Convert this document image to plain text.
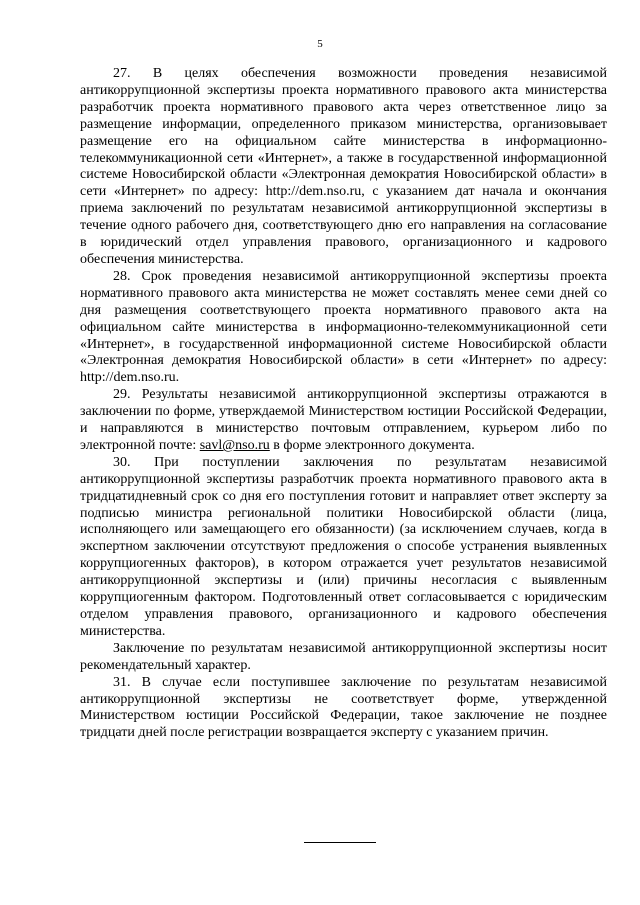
5

27. В целях обеспечения возможности проведения независимой антикоррупционной экспертизы проекта нормативного правового акта министерства разработчик проекта нормативного правового акта через ответственное лицо за размещение информации, определенного приказом министерства, организовывает размещение его на официальном сайте министерства в информационно-телекоммуникационной сети «Интернет», а также в государственной информационной системе Новосибирской области «Электронная демократия Новосибирской области» в сети «Интернет» по адресу: http://dem.nso.ru, с указанием дат начала и окончания приема заключений по результатам независимой антикоррупционной экспертизы в течение одного рабочего дня, соответствующего дню его направления на согласование в юридический отдел управления правового, организационного и кадрового обеспечения министерства.

28. Срок проведения независимой антикоррупционной экспертизы проекта нормативного правового акта министерства не может составлять менее семи дней со дня размещения соответствующего проекта нормативного правового акта на официальном сайте министерства в информационно-телекоммуникационной сети «Интернет», в государственной информационной системе Новосибирской области «Электронная демократия Новосибирской области» в сети «Интернет» по адресу: http://dem.nso.ru.

29. Результаты независимой антикоррупционной экспертизы отражаются в заключении по форме, утверждаемой Министерством юстиции Российской Федерации, и направляются в министерство почтовым отправлением, курьером либо по электронной почте: savl@nso.ru в форме электронного документа.

30. При поступлении заключения по результатам независимой антикоррупционной экспертизы разработчик проекта нормативного правового акта в тридцатидневный срок со дня его поступления готовит и направляет ответ эксперту за подписью министра региональной политики Новосибирской области (лица, исполняющего или замещающего его обязанности) (за исключением случаев, когда в экспертном заключении отсутствуют предложения о способе устранения выявленных коррупциогенных факторов), в котором отражается учет результатов независимой антикоррупционной экспертизы и (или) причины несогласия с выявленным коррупциогенным фактором. Подготовленный ответ согласовывается с юридическим отделом управления правового, организационного и кадрового обеспечения министерства.

Заключение по результатам независимой антикоррупционной экспертизы носит рекомендательный характер.

31. В случае если поступившее заключение по результатам независимой антикоррупционной экспертизы не соответствует форме, утвержденной Министерством юстиции Российской Федерации, такое заключение не позднее тридцати дней после регистрации возвращается эксперту с указанием причин.
